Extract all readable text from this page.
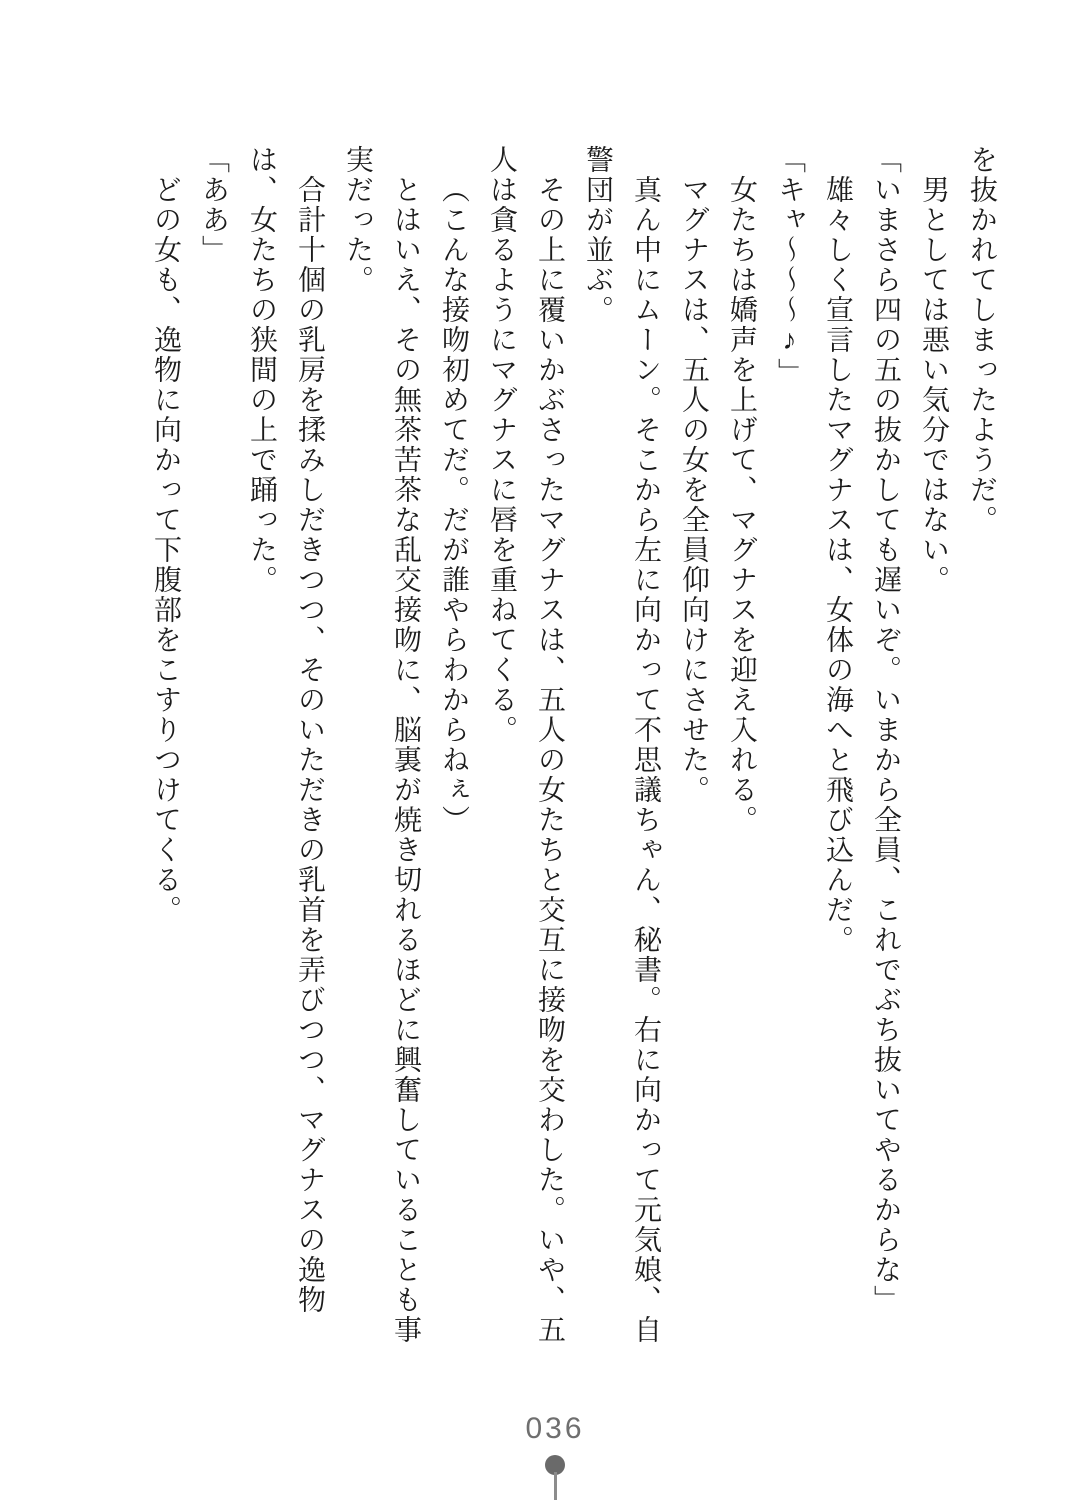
を抜かれてしまったようだ。

男としては悪い気分ではない。

「いまさら四の五の抜かしても遅いぞ。いまから全員、これでぶち抜いてやるからな」

雄々しく宣言したマグナスは、女体の海へと飛び込んだ。

「キャ～～～♪」

女たちは嬌声を上げて、マグナスを迎え入れる。

マグナスは、五人の女を全員仰向けにさせた。

真ん中にムーン。そこから左に向かって不思議ちゃん、秘書。右に向かって元気娘、自警団が並ぶ。

その上に覆いかぶさったマグナスは、五人の女たちと交互に接吻を交わした。いや、五人は貪るようにマグナスに唇を重ねてくる。

（こんな接吻初めてだ。だが誰やらわからねぇ）

とはいえ、その無茶苦茶な乱交接吻に、脳裏が焼き切れるほどに興奮していることも事実だった。

合計十個の乳房を揉みしだきつつ、そのいただきの乳首を弄びつつ、マグナスの逸物は、女たちの狭間の上で踊った。

「ああ」

どの女も、逸物に向かって下腹部をこすりつけてくる。

036
